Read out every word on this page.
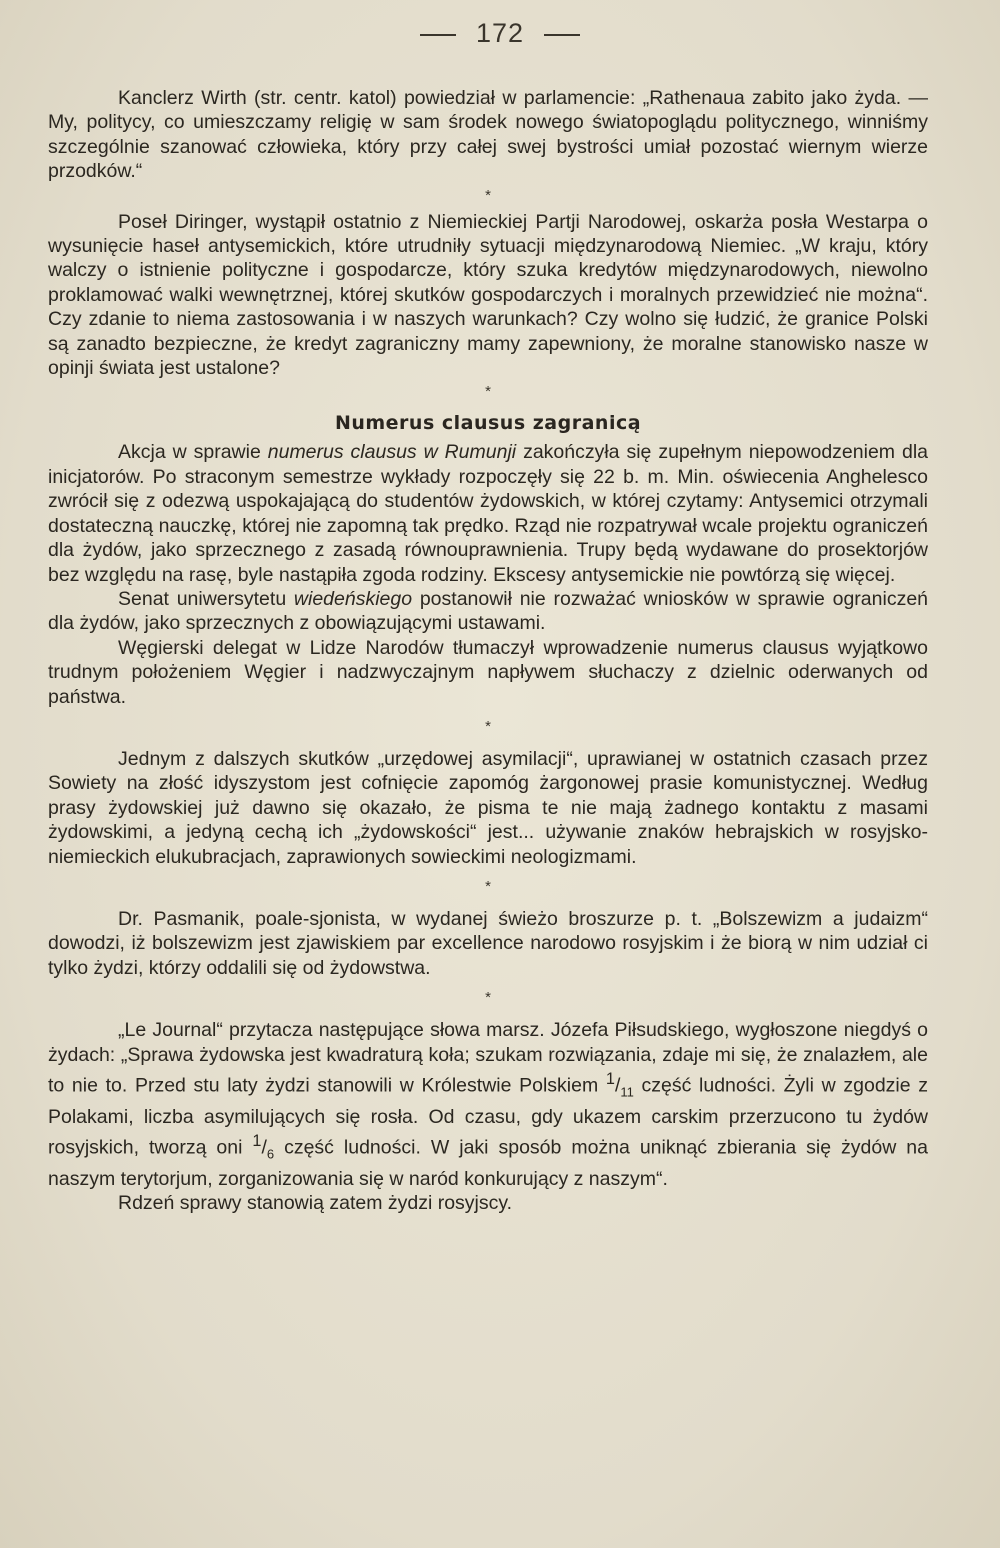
172

Kanclerz Wirth (str. centr. katol) powiedział w parlamencie: „Rathenaua zabito jako żyda. — My, politycy, co umieszczamy religię w sam środek nowego światopoglądu politycznego, winniśmy szczególnie szanować człowieka, który przy całej swej bystrości umiał pozostać wiernym wierze przodków.“

*

Poseł Diringer, wystąpił ostatnio z Niemieckiej Partji Narodowej, oskarża posła Westarpa o wysunięcie haseł antysemickich, które utrudniły sytuacji międzynarodową Niemiec. „W kraju, który walczy o istnienie polityczne i gospodarcze, który szuka kredytów międzynarodowych, niewolno proklamować walki wewnętrznej, której skutków gospodarczych i moralnych przewidzieć nie można“. Czy zdanie to niema zastosowania i w naszych warunkach? Czy wolno się łudzić, że granice Polski są zanadto bezpieczne, że kredyt zagraniczny mamy zapewniony, że moralne stanowisko nasze w opinji świata jest ustalone?

*
Numerus clausus zagranicą

Akcja w sprawie numerus clausus w Rumunji zakończyła się zupełnym niepowodzeniem dla inicjatorów. Po straconym semestrze wykłady rozpoczęły się 22 b. m. Min. oświecenia Anghelesco zwrócił się z odezwą uspokajającą do studentów żydowskich, w której czytamy: Antysemici otrzymali dostateczną nauczkę, której nie zapomną tak prędko. Rząd nie rozpatrywał wcale projektu ograniczeń dla żydów, jako sprzecznego z zasadą równouprawnienia. Trupy będą wydawane do prosektorjów bez względu na rasę, byle nastąpiła zgoda rodziny. Ekscesy antysemickie nie powtórzą się więcej.

Senat uniwersytetu wiedeńskiego postanowił nie rozważać wniosków w sprawie ograniczeń dla żydów, jako sprzecznych z obowiązującymi ustawami.

Węgierski delegat w Lidze Narodów tłumaczył wprowadzenie numerus clausus wyjątkowo trudnym położeniem Węgier i nadzwyczajnym napływem słuchaczy z dzielnic oderwanych od państwa.

*

Jednym z dalszych skutków „urzędowej asymilacji“, uprawianej w ostatnich czasach przez Sowiety na złość idyszystom jest cofnięcie zapomóg żargonowej prasie komunistycznej. Według prasy żydowskiej już dawno się okazało, że pisma te nie mają żadnego kontaktu z masami żydowskimi, a jedyną cechą ich „żydowskości“ jest... używanie znaków hebrajskich w rosyjsko-niemieckich elukubracjach, zaprawionych sowieckimi neologizmami.

*

Dr. Pasmanik, poale-sjonista, w wydanej świeżo broszurze p. t. „Bolszewizm a judaizm“ dowodzi, iż bolszewizm jest zjawiskiem par excellence narodowo rosyjskim i że biorą w nim udział ci tylko żydzi, którzy oddalili się od żydowstwa.

*

„Le Journal“ przytacza następujące słowa marsz. Józefa Piłsudskiego, wygłoszone niegdyś o żydach: „Sprawa żydowska jest kwadraturą koła; szukam rozwiązania, zdaje mi się, że znalazłem, ale to nie to. Przed stu laty żydzi stanowili w Królestwie Polskiem $^1/_{11}$ część ludności. Żyli w zgodzie z Polakami, liczba asymilujących się rosła. Od czasu, gdy ukazem carskim przerzucono tu żydów rosyjskich, tworzą oni $^1/_6$ część ludności. W jaki sposób można uniknąć zbierania się żydów na naszym terytorjum, zorganizowania się w naród konkurujący z naszym“.

Rdzeń sprawy stanowią zatem żydzi rosyjscy.
